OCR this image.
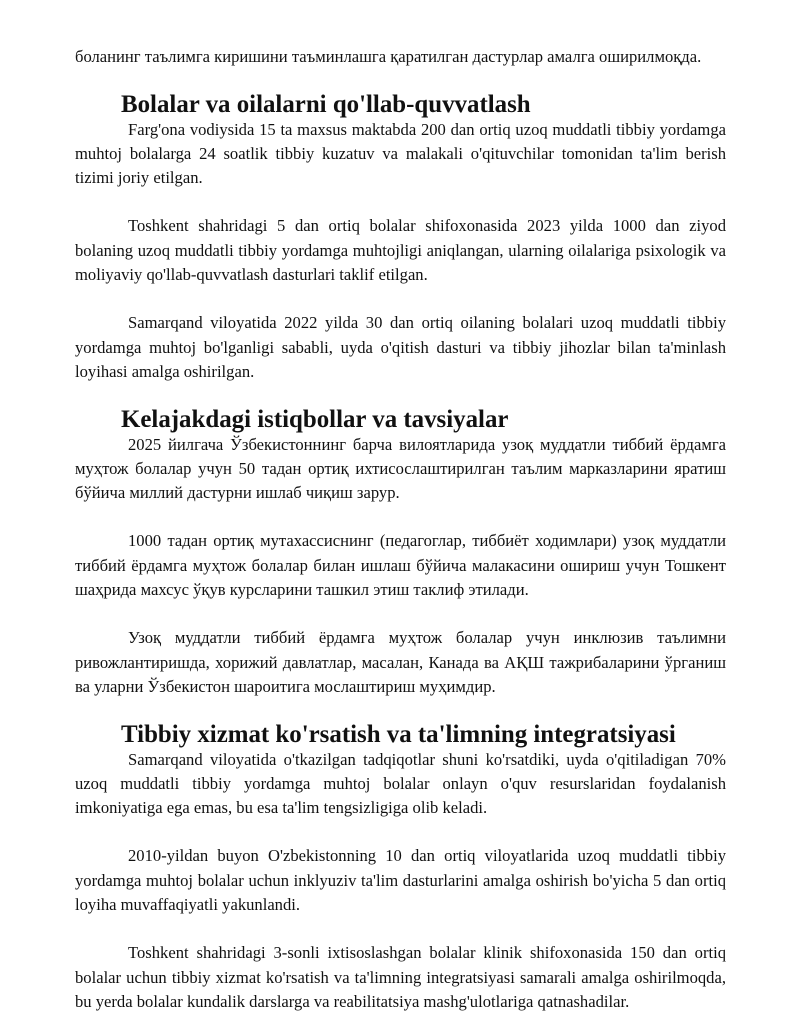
боланинг таълимга киришини таъминлашга қаратилган дастурлар амалга оширилмоқда.

Bolalar va oilalarni qo'llab-quvvatlash

Farg'ona vodiysida 15 ta maxsus maktabda 200 dan ortiq uzoq muddatli tibbiy yordamga muhtoj bolalarga 24 soatlik tibbiy kuzatuv va malakali o'qituvchilar tomonidan ta'lim berish tizimi joriy etilgan.

Toshkent shahridagi 5 dan ortiq bolalar shifoxonasida 2023 yilda 1000 dan ziyod bolaning uzoq muddatli tibbiy yordamga muhtojligi aniqlangan, ularning oilalariga psixologik va moliyaviy qo'llab-quvvatlash dasturlari taklif etilgan.

Samarqand viloyatida 2022 yilda 30 dan ortiq oilaning bolalari uzoq muddatli tibbiy yordamga muhtoj bo'lganligi sababli, uyda o'qitish dasturi va tibbiy jihozlar bilan ta'minlash loyihasi amalga oshirilgan.

Kelajakdagi istiqbollar va tavsiyalar

2025 йилгача Ўзбекистоннинг барча вилоятларида узоқ муддатли тиббий ёрдамга муҳтож болалар учун 50 тадан ортиқ ихтисослаштирилган таълим марказларини яратиш бўйича миллий дастурни ишлаб чиқиш зарур.

1000 тадан ортиқ мутахассиснинг (педагоглар, тиббиёт ходимлари) узоқ муддатли тиббий ёрдамга муҳтож болалар билан ишлаш бўйича малакасини ошириш учун Тошкент шаҳрида махсус ўқув курсларини ташкил этиш таклиф этилади.

Узоқ муддатли тиббий ёрдамга муҳтож болалар учун инклюзив таълимни ривожлантиришда, хорижий давлатлар, масалан, Канада ва АҚШ тажрибаларини ўрганиш ва уларни Ўзбекистон шароитига мослаштириш муҳимдир.

Tibbiy xizmat ko'rsatish va ta'limning integratsiyasi

Samarqand viloyatida o'tkazilgan tadqiqotlar shuni ko'rsatdiki, uyda o'qitiladigan 70% uzoq muddatli tibbiy yordamga muhtoj bolalar onlayn o'quv resurslaridan foydalanish imkoniyatiga ega emas, bu esa ta'lim tengsizligiga olib keladi.

2010-yildan buyon O'zbekistonning 10 dan ortiq viloyatlarida uzoq muddatli tibbiy yordamga muhtoj bolalar uchun inklyuziv ta'lim dasturlarini amalga oshirish bo'yicha 5 dan ortiq loyiha muvaffaqiyatli yakunlandi.

Toshkent shahridagi 3-sonli ixtisoslashgan bolalar klinik shifoxonasida 150 dan ortiq bolalar uchun tibbiy xizmat ko'rsatish va ta'limning integratsiyasi samarali amalga oshirilmoqda, bu yerda bolalar kundalik darslarga va reabilitatsiya mashg'ulotlariga qatnashadilar.
